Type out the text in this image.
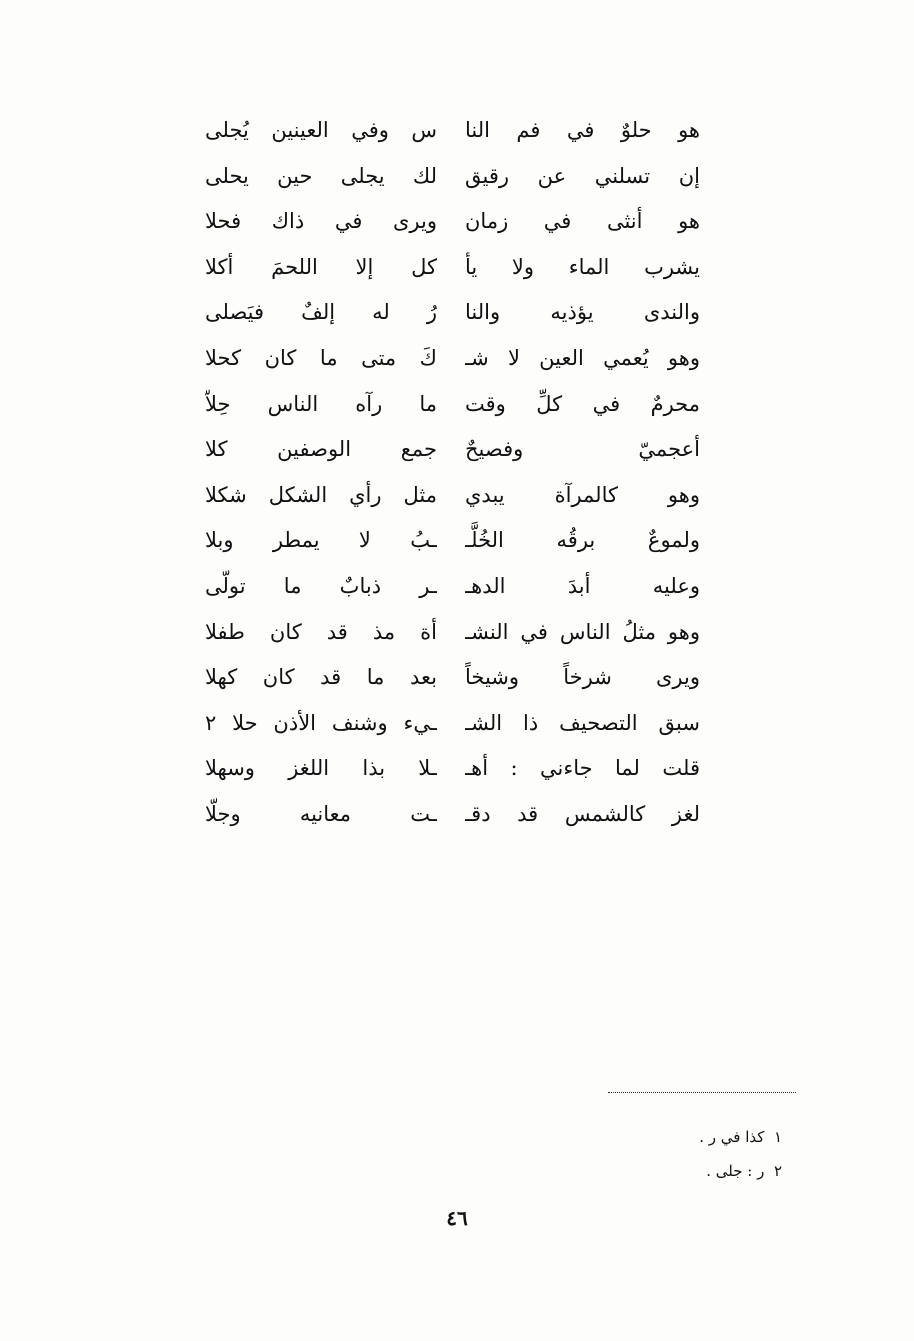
هو حلوٌ في فم النا
س وفي العينين يُجلى
إن تسلني عن رقيق
لك يجلى حين يحلى
هو أنثى في زمان
ويرى في ذاك فحلا
يشرب الماء ولا يأ
كل إلا اللحمَ أكلا
والندى يؤذيه والنا
رُ له إلفٌ فيَصلى
وهو يُعمي العين لا شـ
كَ متى ما كان كحلا
محرمٌ في كلِّ وقت
ما رآه الناس حِلاّ
أعجميّ وفصيحٌ
جمع الوصفين كلا
وهو كالمرآة يبدي
مثل رأي الشكل شكلا
ولموعٌ برقُه الخُلَّـ
ـبُ لا يمطر وبلا
وعليه أبدَ الدهـ
ـر ذبابٌ ما تولّى
وهو مثلُ الناس في النشـ
أة مذ قد كان طفلا
ويرى شرخاً وشيخاً
بعد ما قد كان كهلا
سبق التصحيف ذا الشـ
ـيء وشنف الأذن حلا ٢
قلت لما جاءني : أهـ
ـلا بذا اللغز وسهلا
لغز كالشمس قد دقـ
ـت معانيه وجلّا
١  كذا في ر .
٢  ر : جلى .
٤٦
